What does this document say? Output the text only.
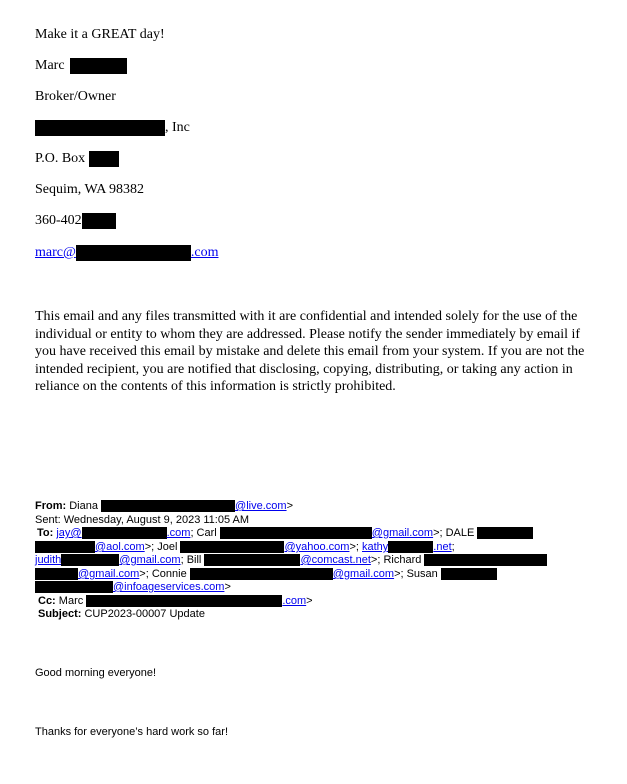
Make it a GREAT day!
Marc
Broker/Owner
, Inc
P.O. Box
Sequim, WA 98382
360-402
marc@	.com
This email and any files transmitted with it are confidential and intended solely for the use of the individual or entity to whom they are addressed. Please notify the sender immediately by email if you have received this email by mistake and delete this email from your system. If you are not the intended recipient, you are notified that disclosing, copying, distributing, or taking any action in reliance on the contents of this information is strictly prohibited.
From: Diana	@live.com>
Sent: Wednesday, August 9, 2023 11:05 AM
To: jay@	.com; Carl	@gmail.com>; DALE
@aol.com>; Joel	@yahoo.com>; kathy	.net;
judith	@gmail.com; Bill	@comcast.net>; Richard
@gmail.com>; Connie	@gmail.com>; Susan
@infoageservices.com>
Cc: Marc	.com>
Subject: CUP2023-00007 Update
Good morning everyone!
Thanks for everyone’s hard work so far!
